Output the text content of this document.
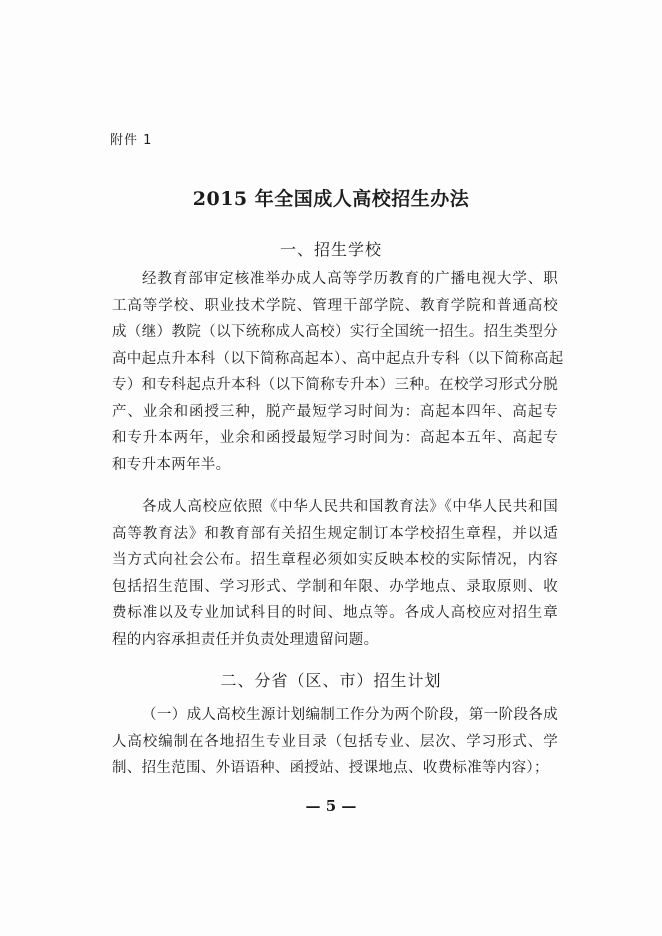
附件 1
2015 年全国成人高校招生办法
一、招生学校
经教育部审定核准举办成人高等学历教育的广播电视大学、职
工高等学校、职业技术学院、管理干部学院、教育学院和普通高校
成（继）教院（以下统称成人高校）实行全国统一招生。招生类型分
高中起点升本科（以下简称高起本）、高中起点升专科（以下简称高起
专）和专科起点升本科（以下简称专升本）三种。在校学习形式分脱
产、业余和函授三种，脱产最短学习时间为：高起本四年、高起专
和专升本两年，业余和函授最短学习时间为：高起本五年、高起专
和专升本两年半。
各成人高校应依照《中华人民共和国教育法》《中华人民共和国
高等教育法》和教育部有关招生规定制订本学校招生章程，并以适
当方式向社会公布。招生章程必须如实反映本校的实际情况，内容
包括招生范围、学习形式、学制和年限、办学地点、录取原则、收
费标准以及专业加试科目的时间、地点等。各成人高校应对招生章
程的内容承担责任并负责处理遗留问题。
二、分省（区、市）招生计划
（一）成人高校生源计划编制工作分为两个阶段，第一阶段各成
人高校编制在各地招生专业目录（包括专业、层次、学习形式、学
制、招生范围、外语语种、函授站、授课地点、收费标准等内容）；
— 5 —
